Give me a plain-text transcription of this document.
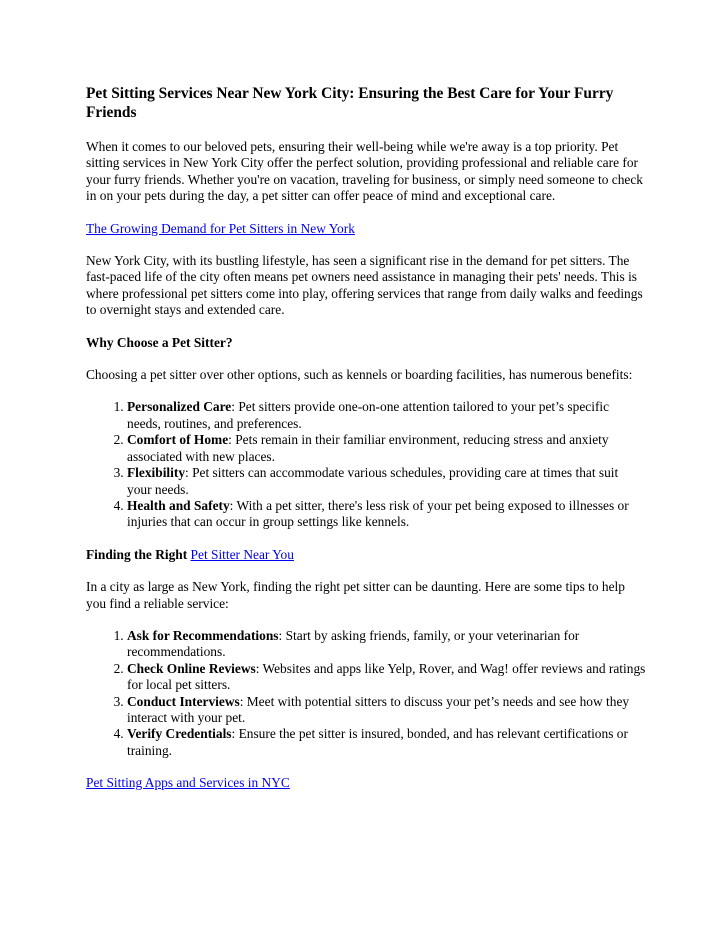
Pet Sitting Services Near New York City: Ensuring the Best Care for Your Furry Friends

When it comes to our beloved pets, ensuring their well-being while we're away is a top priority. Pet sitting services in New York City offer the perfect solution, providing professional and reliable care for your furry friends. Whether you're on vacation, traveling for business, or simply need someone to check in on your pets during the day, a pet sitter can offer peace of mind and exceptional care.

The Growing Demand for Pet Sitters in New York

New York City, with its bustling lifestyle, has seen a significant rise in the demand for pet sitters. The fast-paced life of the city often means pet owners need assistance in managing their pets' needs. This is where professional pet sitters come into play, offering services that range from daily walks and feedings to overnight stays and extended care.

Why Choose a Pet Sitter?

Choosing a pet sitter over other options, such as kennels or boarding facilities, has numerous benefits:

1. Personalized Care: Pet sitters provide one-on-one attention tailored to your pet’s specific needs, routines, and preferences.
2. Comfort of Home: Pets remain in their familiar environment, reducing stress and anxiety associated with new places.
3. Flexibility: Pet sitters can accommodate various schedules, providing care at times that suit your needs.
4. Health and Safety: With a pet sitter, there's less risk of your pet being exposed to illnesses or injuries that can occur in group settings like kennels.

Finding the Right Pet Sitter Near You

In a city as large as New York, finding the right pet sitter can be daunting. Here are some tips to help you find a reliable service:

1. Ask for Recommendations: Start by asking friends, family, or your veterinarian for recommendations.
2. Check Online Reviews: Websites and apps like Yelp, Rover, and Wag! offer reviews and ratings for local pet sitters.
3. Conduct Interviews: Meet with potential sitters to discuss your pet’s needs and see how they interact with your pet.
4. Verify Credentials: Ensure the pet sitter is insured, bonded, and has relevant certifications or training.

Pet Sitting Apps and Services in NYC
